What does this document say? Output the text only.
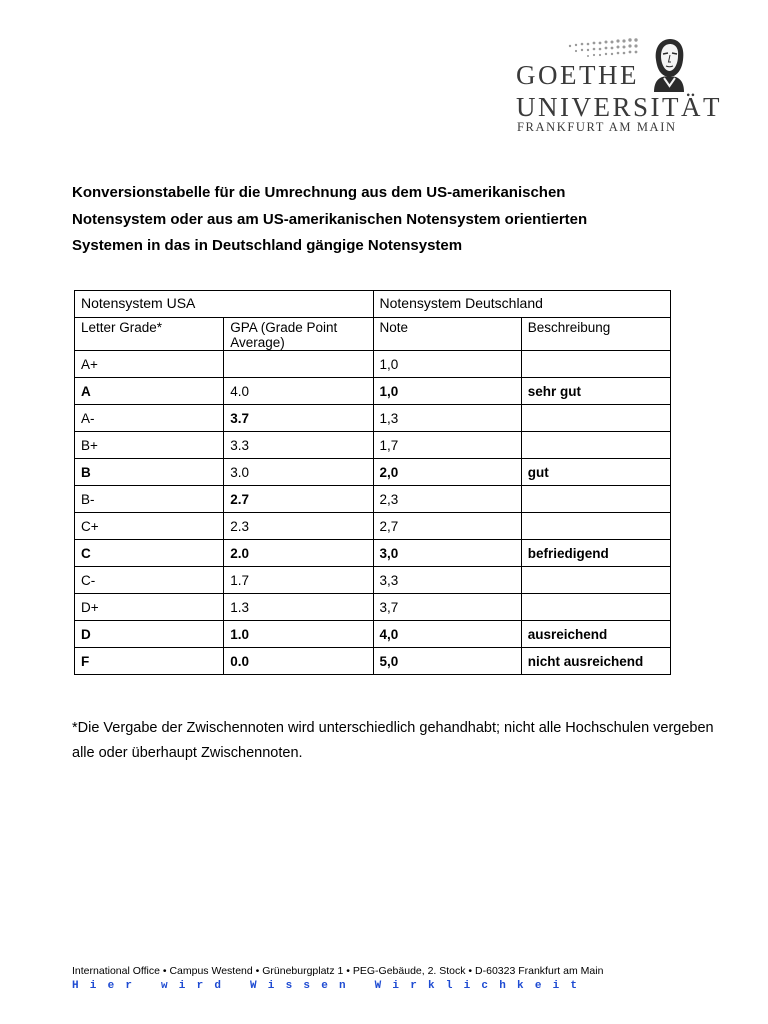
GOETHE
UNIVERSITÄT
FRANKFURT AM MAIN
Konversionstabelle für die Umrechnung aus dem US-amerikanischen
Notensystem oder aus am US-amerikanischen Notensystem orientierten
Systemen in das in Deutschland gängige Notensystem
Notensystem USA		Notensystem Deutschland	
Letter Grade*	GPA (Grade Point Average)	Note	Beschreibung
A+		1,0	
A	4.0	1,0	sehr gut
A-	3.7	1,3	
B+	3.3	1,7	
B	3.0	2,0	gut
B-	2.7	2,3	
C+	2.3	2,7	
C	2.0	3,0	befriedigend
C-	1.7	3,3	
D+	1.3	3,7	
D	1.0	4,0	ausreichend
F	0.0	5,0	nicht ausreichend
*Die Vergabe der Zwischennoten wird unterschiedlich gehandhabt; nicht alle Hochschulen vergeben alle oder überhaupt Zwischennoten.
International Office • Campus Westend • Grüneburgplatz 1 • PEG-Gebäude, 2. Stock • D-60323 Frankfurt am Main
Hier wird Wissen Wirklichkeit
